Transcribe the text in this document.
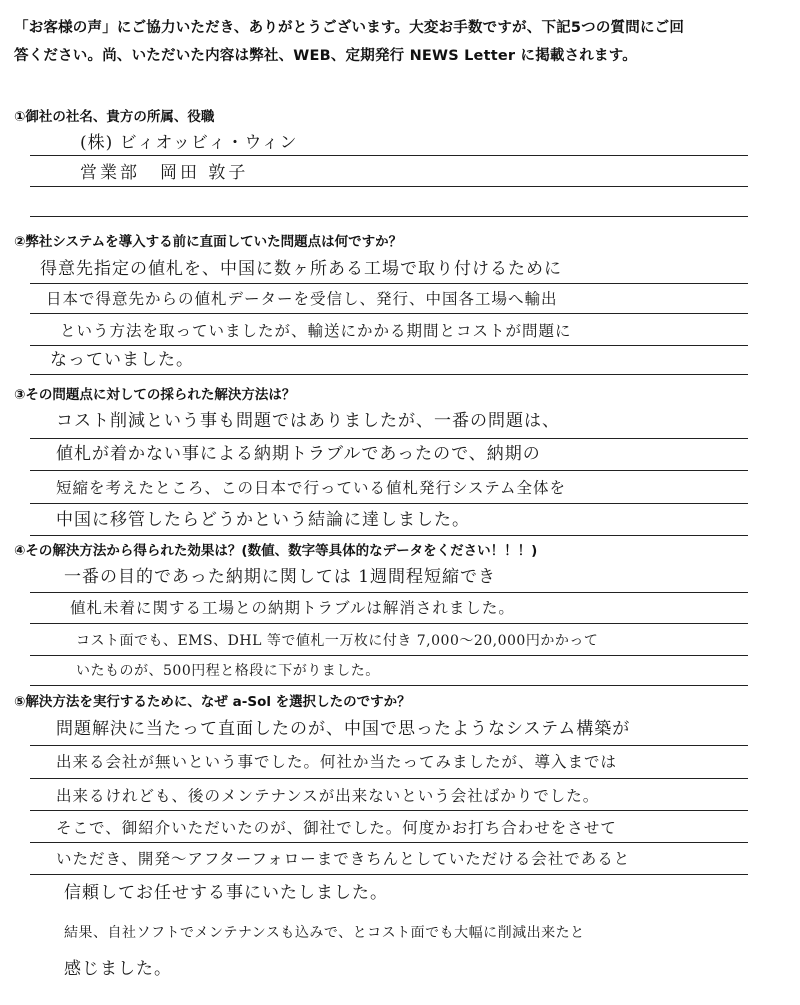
「お客様の声」にご協力いただき、ありがとうございます。大変お手数ですが、下記5つの質問にご回
答ください。尚、いただいた内容は弊社、WEB、定期発行 NEWS Letter に掲載されます。
①御社の社名、貴方の所属、役職
(株) ビィオッビィ・ウィン
営業部　岡田 敦子
②弊社システムを導入する前に直面していた問題点は何ですか？
得意先指定の値札を、中国に数ヶ所ある工場で取り付けるために
日本で得意先からの値札データーを受信し、発行、中国各工場へ輸出
という方法を取っていましたが、輸送にかかる期間とコストが問題に
なっていました。
③その問題点に対しての採られた解決方法は？
コスト削減という事も問題ではありましたが、一番の問題は、
値札が着かない事による納期トラブルであったので、納期の
短縮を考えたところ、この日本で行っている値札発行システム全体を
中国に移管したらどうかという結論に達しました。
④その解決方法から得られた効果は？(数値、数字等具体的なデータをください！！！)
一番の目的であった納期に関しては 1週間程短縮でき
値札未着に関する工場との納期トラブルは解消されました。
コスト面でも、EMS、DHL 等で値札一万枚に付き 7,000～20,000円かかって
いたものが、500円程と格段に下がりました。
⑤解決方法を実行するために、なぜ a-Sol を選択したのですか？
問題解決に当たって直面したのが、中国で思ったようなシステム構築が
出来る会社が無いという事でした。何社か当たってみましたが、導入までは
出来るけれども、後のメンテナンスが出来ないという会社ばかりでした。
そこで、御紹介いただいたのが、御社でした。何度かお打ち合わせをさせて
いただき、開発～アフターフォローまできちんとしていただける会社であると
信頼してお任せする事にいたしました。
結果、自社ソフトでメンテナンスも込みで、とコスト面でも大幅に削減出来たと
感じました。
